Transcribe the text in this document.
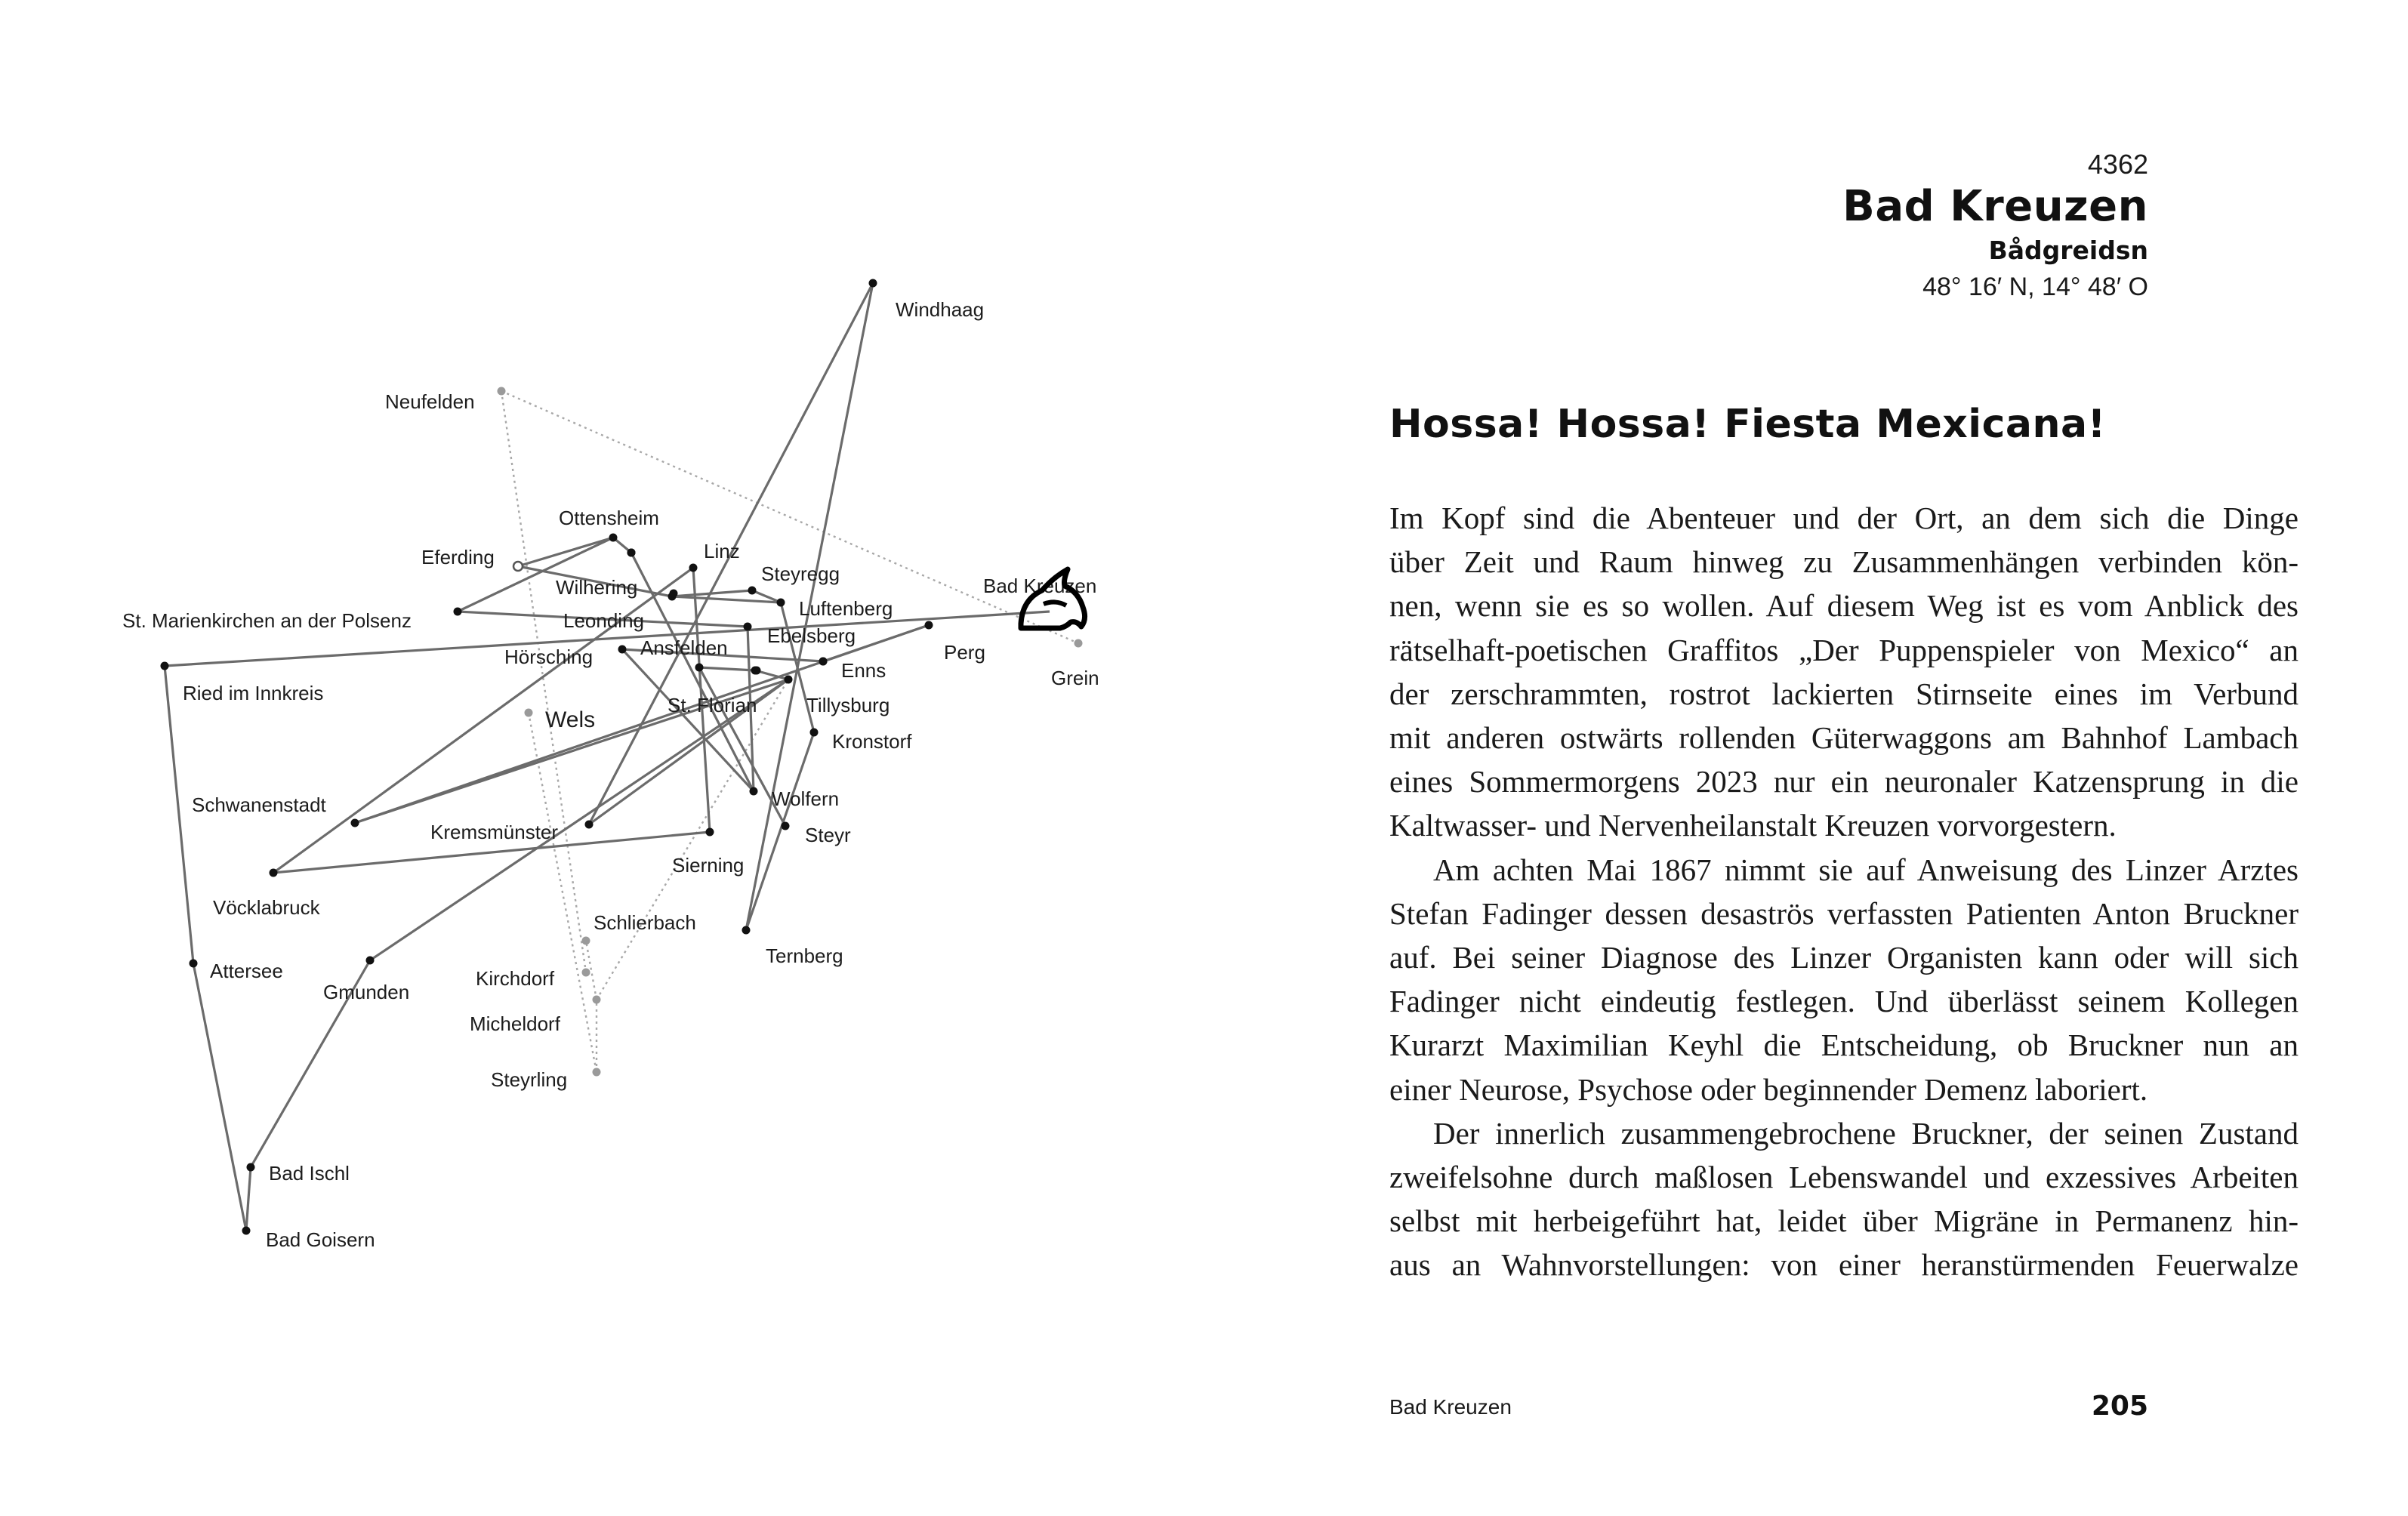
Windhaag
Neufelden
Ottensheim
Eferding	Linz
Wilhering
Steyregg
Luftenberg
St. Marienkirchen an der Polsenz	Leonding
Ebelsberg
Bad Kreuzen
Hörsching Ansfelden	Perg
Enns	Grein
Ried im Innkreis
St. Florian	Tillysburg
Wels
Kronstorf
Schwanenstadt	Wolfern
Kremsmünster	Steyr
Sierning
Vöcklabruck
Schlierbach
Ternberg
Attersee
Gmunden
Kirchdorf
Micheldorf
Steyrling
Bad Ischl
Bad Goisern
4362
Bad Kreuzen
Bådgreidsn
48° 16′ N, 14° 48′ O
Hossa! Hossa! Fiesta Mexicana!

Im Kopf sind die Abenteuer und der Ort, an dem sich die Dinge
über Zeit und Raum hinweg zu Zusammenhängen verbinden kön-
nen, wenn sie es so wollen. Auf diesem Weg ist es vom Anblick des
rätselhaft-poetischen Graffitos „Der Puppenspieler von Mexico“ an
der zerschrammten, rostrot lackierten Stirnseite eines im Verbund
mit anderen ostwärts rollenden Güterwaggons am Bahnhof Lambach
eines Sommermorgens 2023 nur ein neuronaler Katzensprung in die
Kaltwasser- und Nervenheilanstalt Kreuzen vorvorgestern.

Am achten Mai 1867 nimmt sie auf Anweisung des Linzer Arztes
Stefan Fadinger dessen desaströs verfassten Patienten Anton Bruckner
auf. Bei seiner Diagnose des Linzer Organisten kann oder will sich
Fadinger nicht eindeutig festlegen. Und überlässt seinem Kollegen
Kurarzt Maximilian Keyhl die Entscheidung, ob Bruckner nun an
einer Neurose, Psychose oder beginnender Demenz laboriert.

Der innerlich zusammengebrochene Bruckner, der seinen Zustand
zweifelsohne durch maßlosen Lebenswandel und exzessives Arbeiten
selbst mit herbeigeführt hat, leidet über Migräne in Permanenz hin-
aus an Wahnvorstellungen: von einer heranstürmenden Feuerwalze

Bad Kreuzen	205
